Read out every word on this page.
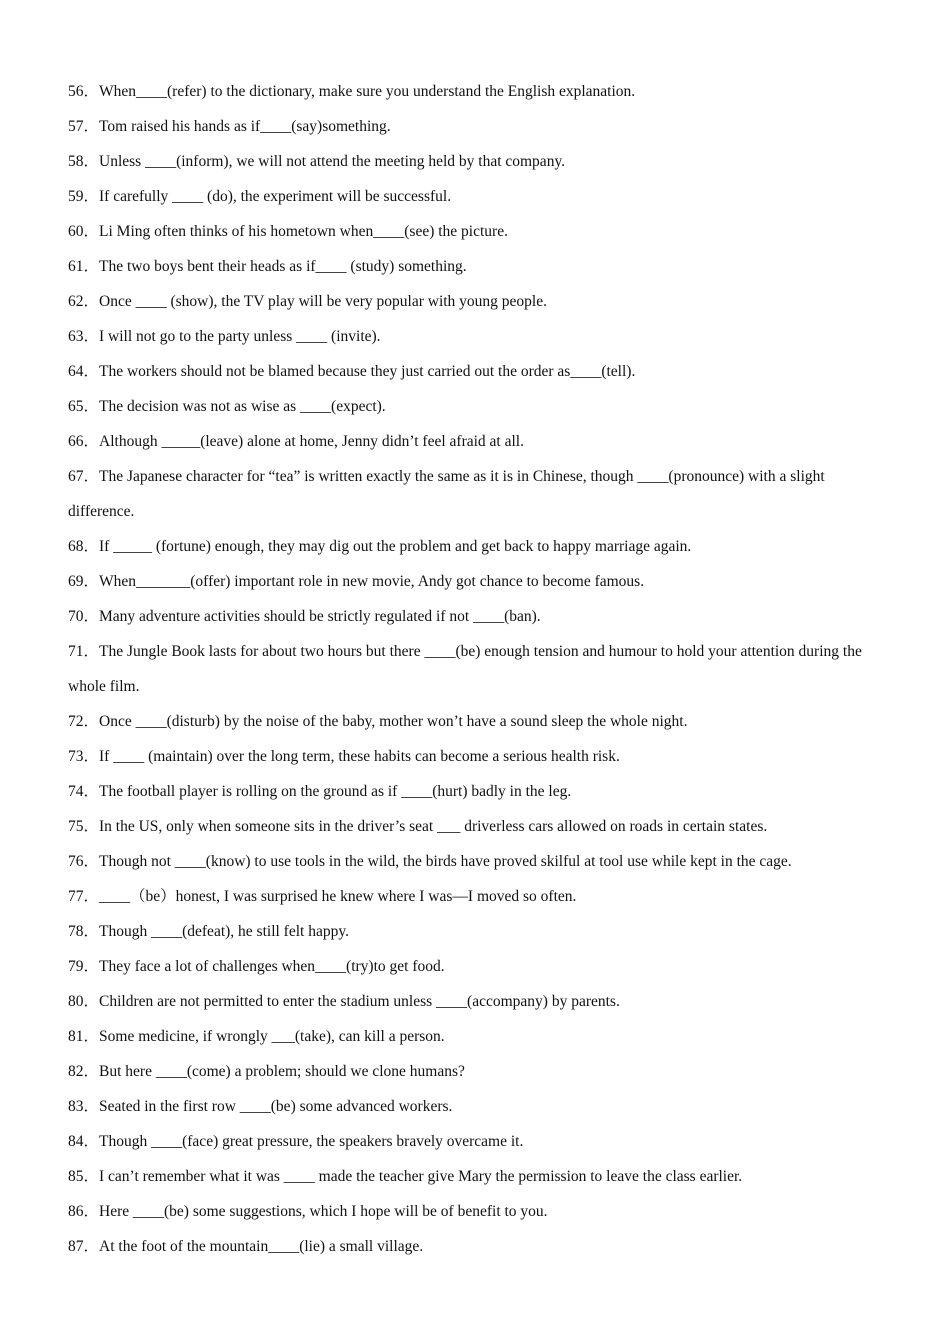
56．When____(refer) to the dictionary, make sure you understand the English explanation.
57．Tom raised his hands as if____(say)something.
58．Unless ____(inform), we will not attend the meeting held by that company.
59．If carefully ____ (do), the experiment will be successful.
60．Li Ming often thinks of his hometown when____(see) the picture.
61．The two boys bent their heads as if____ (study) something.
62．Once ____ (show), the TV play will be very popular with young people.
63．I will not go to the party unless ____ (invite).
64．The workers should not be blamed because they just carried out the order as____(tell).
65．The decision was not as wise as ____(expect).
66．Although _____(leave) alone at home, Jenny didn’t feel afraid at all.
67．The Japanese character for “tea” is written exactly the same as it is in Chinese, though ____(pronounce) with a slight difference.
68．If _____ (fortune) enough, they may dig out the problem and get back to happy marriage again.
69．When_______(offer) important role in new movie, Andy got chance to become famous.
70．Many adventure activities should be strictly regulated if not ____(ban).
71．The Jungle Book lasts for about two hours but there ____(be) enough tension and humour to hold your attention during the whole film.
72．Once ____(disturb) by the noise of the baby, mother won’t have a sound sleep the whole night.
73．If ____ (maintain) over the long term, these habits can become a serious health risk.
74．The football player is rolling on the ground as if ____(hurt) badly in the leg.
75．In the US, only when someone sits in the driver’s seat ___ driverless cars allowed on roads in certain states.
76．Though not ____(know) to use tools in the wild, the birds have proved skilful at tool use while kept in the cage.
77．____（be）honest, I was surprised he knew where I was—I moved so often.
78．Though ____(defeat), he still felt happy.
79．They face a lot of challenges when____(try)to get food.
80．Children are not permitted to enter the stadium unless ____(accompany) by parents.
81．Some medicine, if wrongly ___(take), can kill a person.
82．But here ____(come) a problem; should we clone humans?
83．Seated in the first row ____(be) some advanced workers.
84．Though ____(face) great pressure, the speakers bravely overcame it.
85．I can’t remember what it was ____ made the teacher give Mary the permission to leave the class earlier.
86．Here ____(be) some suggestions, which I hope will be of benefit to you.
87．At the foot of the mountain____(lie) a small village.
